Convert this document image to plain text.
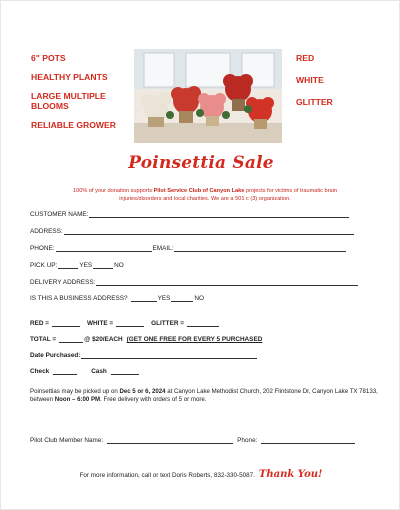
6" POTS
HEALTHY PLANTS
LARGE MULTIPLE BLOOMS
RELIABLE GROWER
RED
WHITE
GLITTER
Poinsettia Sale
100% of your donation supports Pilot Service Club of Canyon Lake projects for victims of traumatic brain injuries/disorders and local charities. We are a 501 c (3) organization.
CUSTOMER NAME:
ADDRESS:
PHONE:	EMAIL:
PICK UP:	YES	NO
DELIVERY ADDRESS:
IS THIS A BUSINESS ADDRESS?	YES	NO
RED =	WHITE =	GLITTER =
TOTAL =	@ $20/EACH (GET ONE FREE FOR EVERY 5 PURCHASED
Date Purchased:
Check	Cash
Poinsettias may be picked up on Dec 5 or 6, 2024 at Canyon Lake Methodist Church, 202 Flintstone Dr, Canyon Lake TX 78133, between Noon – 6:00 PM. Free delivery with orders of 5 or more.
Pilot Club Member Name:	Phone:
For more information, call or text Doris Roberts, 832-330-5087. Thank You!
